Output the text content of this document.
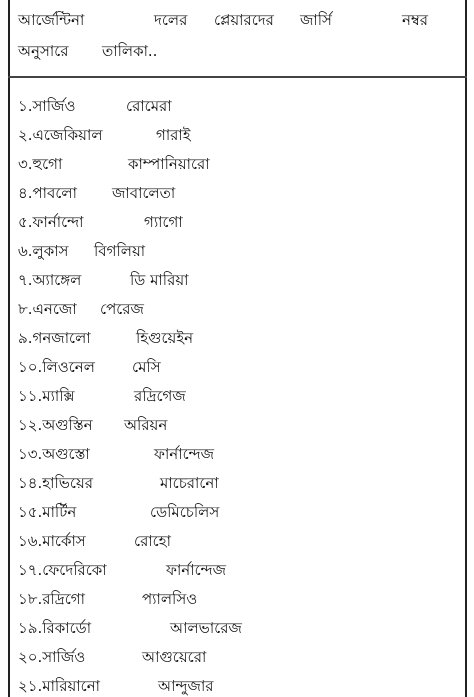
আর্জেন্টিনা	দলের প্লেয়ারদের জার্সি	নম্বর
অনুসারে তালিকা..
১.সার্জিও	রোমেরা
২.এজেকিয়াল	গারাই
৩.হুগো	কাম্পানিয়ারো
৪.পাবলো জাবালেতা
৫.ফার্নান্দো	গ্যাগো
৬.লুকাস বিগলিয়া
৭.অ্যাঙ্গেল	ডি মারিয়া
৮.এনজো পেরেজ
৯.গনজালো	হিগুয়েইন
১০.লিওনেল মেসি
১১.ম্যাক্সি	রদ্রিগেজ
১২.অগুস্তিন অরিয়ন
১৩.অগুস্তো	ফার্নান্দেজ
১৪.হাভিয়ের	মাচেরানো
১৫.মার্টিন	ডেমিচেলিস
১৬.মার্কোস	রোহো
১৭.ফেদেরিকো	ফার্নান্দেজ
১৮.রদ্রিগো	প্যালসিও
১৯.রিকার্ডো	আলভারেজ
২০.সার্জিও	আগুয়েরো
২১.মারিয়ানো	আন্দুজার
